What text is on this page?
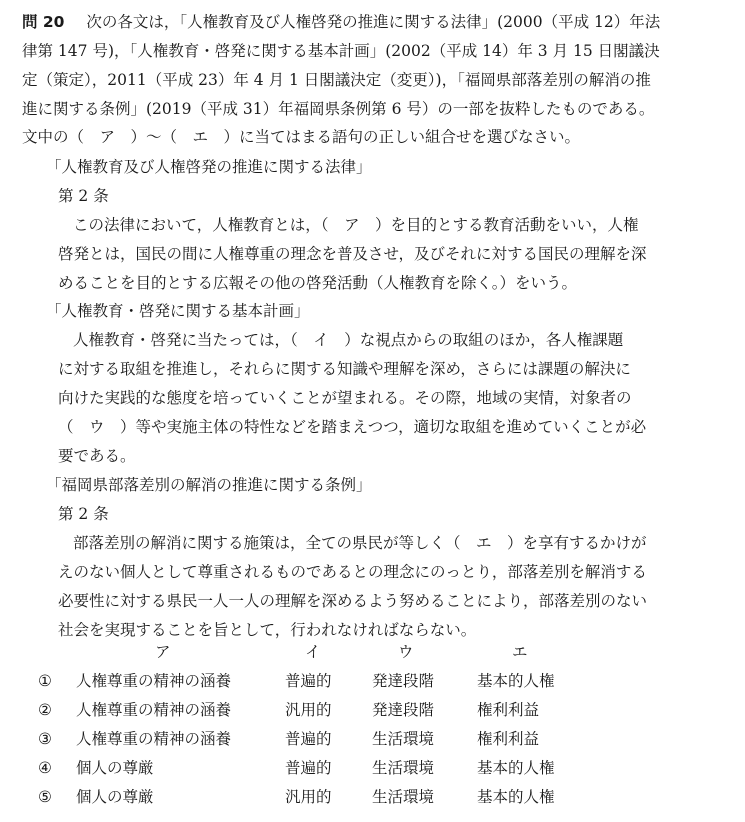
問 20 次の各文は，「人権教育及び人権啓発の推進に関する法律」(2000（平成 12）年法
律第 147 号)，「人権教育・啓発に関する基本計画」(2002（平成 14）年 3 月 15 日閣議決
定（策定），2011（平成 23）年 4 月 1 日閣議決定（変更）)，「福岡県部落差別の解消の推
進に関する条例」(2019（平成 31）年福岡県条例第 6 号）の一部を抜粋したものである。
文中の（　ア　）～（　エ　）に当てはまる語句の正しい組合せを選びなさい。
「人権教育及び人権啓発の推進に関する法律」
第 2 条
この法律において，人権教育とは，（　ア　）を目的とする教育活動をいい，人権
啓発とは，国民の間に人権尊重の理念を普及させ，及びそれに対する国民の理解を深
めることを目的とする広報その他の啓発活動（人権教育を除く。）をいう。
「人権教育・啓発に関する基本計画」
人権教育・啓発に当たっては，（　イ　）な視点からの取組のほか，各人権課題
に対する取組を推進し，それらに関する知識や理解を深め，さらには課題の解決に
向けた実践的な態度を培っていくことが望まれる。その際，地域の実情，対象者の
（　ウ　）等や実施主体の特性などを踏まえつつ，適切な取組を進めていくことが必
要である。
「福岡県部落差別の解消の推進に関する条例」
第 2 条
部落差別の解消に関する施策は，全ての県民が等しく（　エ　）を享有するかけが
えのない個人として尊重されるものであるとの理念にのっとり，部落差別を解消する
必要性に対する県民一人一人の理解を深めるよう努めることにより，部落差別のない
社会を実現することを旨として，行われなければならない。
ア	イ	ウ	エ
① 人権尊重の精神の涵養	普遍的	発達段階	基本的人権
② 人権尊重の精神の涵養	汎用的	発達段階	権利利益
③ 人権尊重の精神の涵養	普遍的	生活環境	権利利益
④ 個人の尊厳	普遍的	生活環境	基本的人権
⑤ 個人の尊厳	汎用的	生活環境	基本的人権
